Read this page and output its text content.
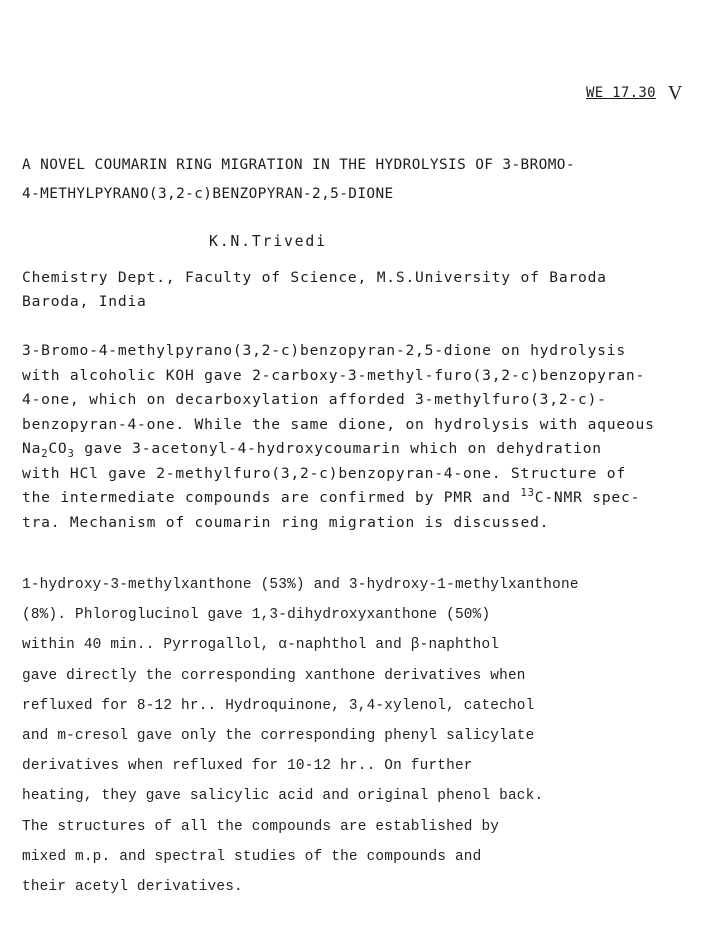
WE 17.30 V
A NOVEL COUMARIN RING MIGRATION IN THE HYDROLYSIS OF 3-BROMO-
4-METHYLPYRANO(3,2-c)BENZOPYRAN-2,5-DIONE
K.N.Trivedi
Chemistry Dept., Faculty of Science, M.S.University of Baroda
Baroda, India
3-Bromo-4-methylpyrano(3,2-c)benzopyran-2,5-dione on hydrolysis
with alcoholic KOH gave 2-carboxy-3-methyl-furo(3,2-c)benzopyran-
4-one, which on decarboxylation afforded 3-methylfuro(3,2-c)-
benzopyran-4-one. While the same dione, on hydrolysis with aqueous
$Na_2CO_3$ gave 3-acetonyl-4-hydroxycoumarin which on dehydration
with HCl gave 2-methylfuro(3,2-c)benzopyran-4-one. Structure of
the intermediate compounds are confirmed by PMR and $^{13}$C-NMR spec-
tra. Mechanism of coumarin ring migration is discussed.
1-hydroxy-3-methylxanthone (53%) and 3-hydroxy-1-methylxanthone
(8%). Phloroglucinol gave 1,3-dihydroxyxanthone (50%)
within 40 min.. Pyrrogallol, α-naphthol and β-naphthol
gave directly the corresponding xanthone derivatives when
refluxed for 8-12 hr.. Hydroquinone, 3,4-xylenol, catechol
and m-cresol gave only the corresponding phenyl salicylate
derivatives when refluxed for 10-12 hr.. On further
heating, they gave salicylic acid and original phenol back.
The structures of all the compounds are established by
mixed m.p. and spectral studies of the compounds and
their acetyl derivatives.
